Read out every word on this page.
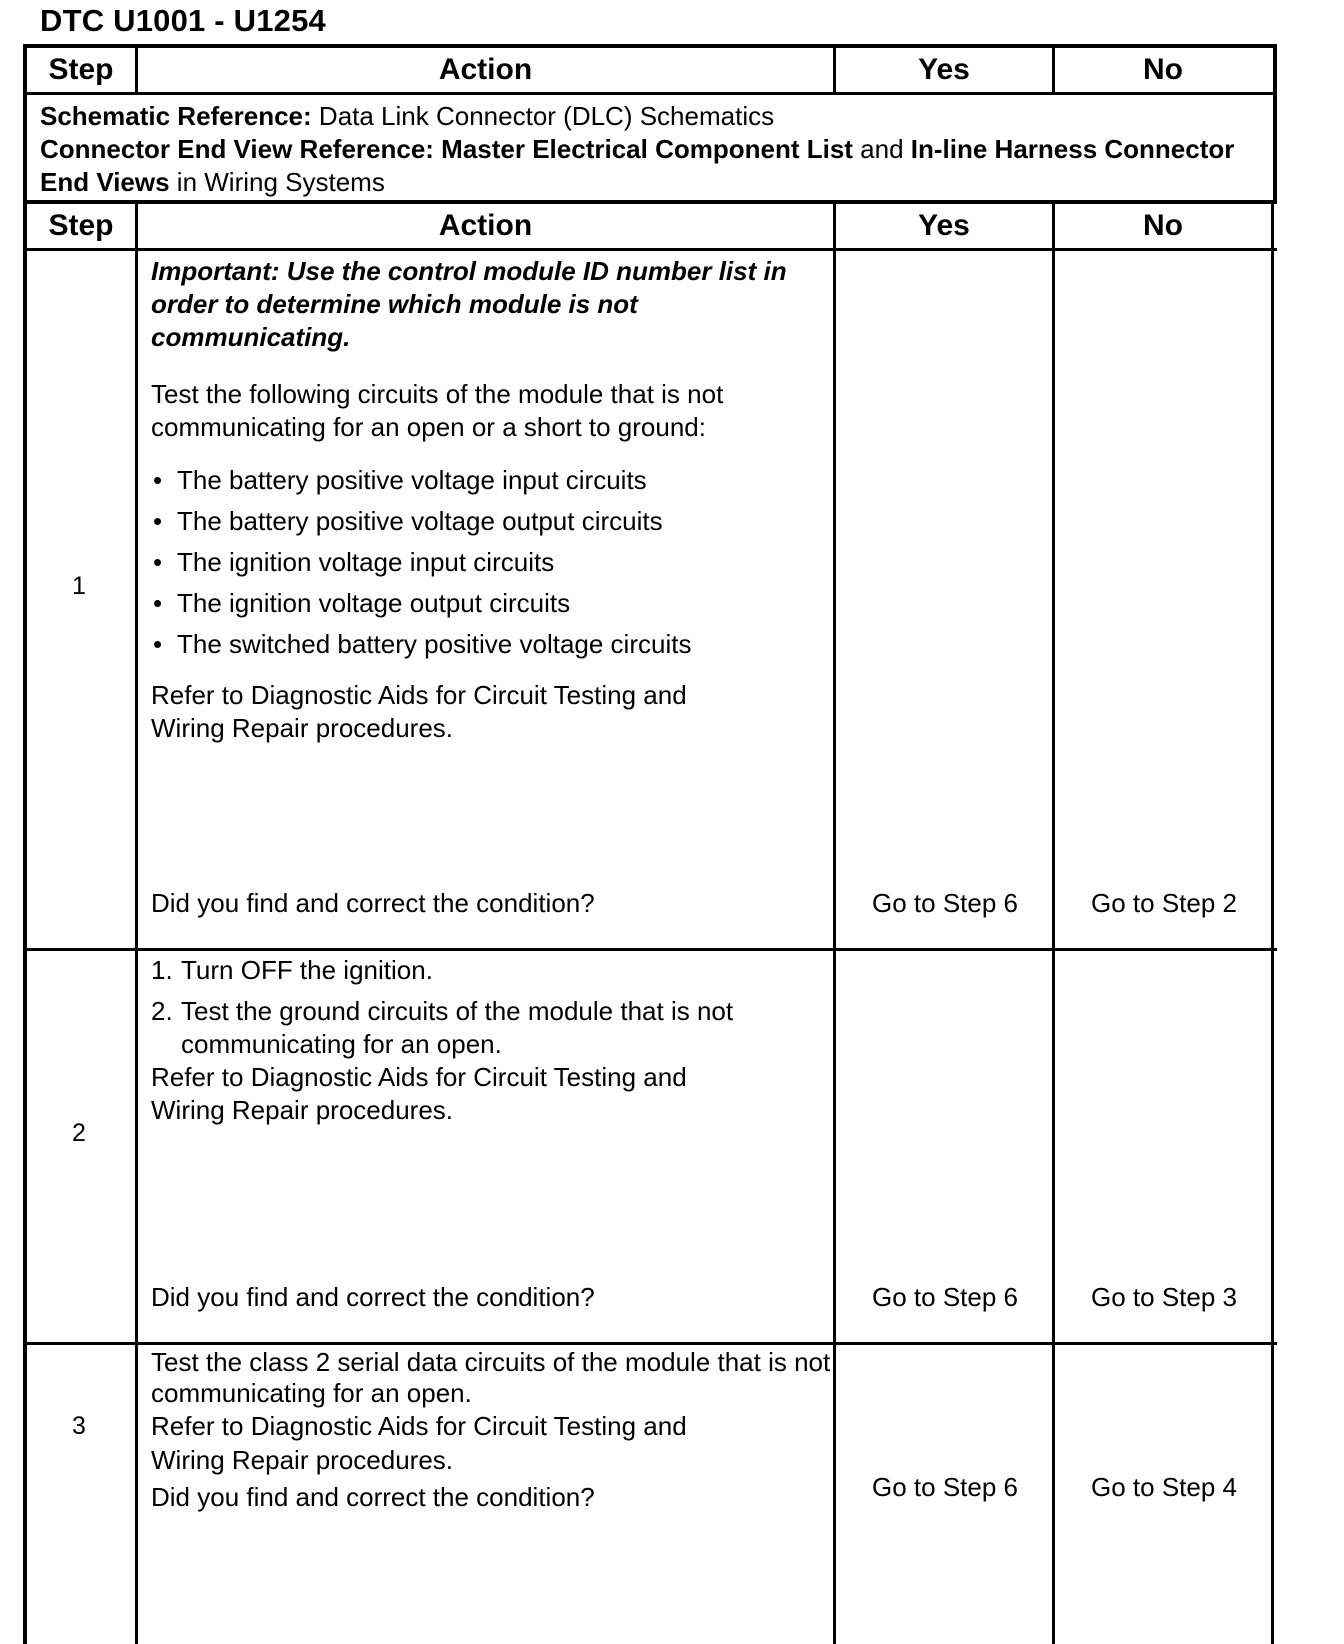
DTC U1001 - U1254
Step	Action	Yes	No
Schematic Reference: Data Link Connector (DLC) Schematics
Connector End View Reference: Master Electrical Component List and In-line Harness Connector End Views in Wiring Systems
Step	Action	Yes	No
1

Important: Use the control module ID number list in order to determine which module is not communicating.

Test the following circuits of the module that is not communicating for an open or a short to ground:

• The battery positive voltage input circuits
• The battery positive voltage output circuits
• The ignition voltage input circuits
• The ignition voltage output circuits
• The switched battery positive voltage circuits

Refer to Diagnostic Aids for Circuit Testing and Wiring Repair procedures.

Did you find and correct the condition?	Go to Step 6	Go to Step 2
2
1. Turn OFF the ignition.
2. Test the ground circuits of the module that is not communicating for an open.

Refer to Diagnostic Aids for Circuit Testing and Wiring Repair procedures.

Did you find and correct the condition?	Go to Step 6	Go to Step 3
3

Test the class 2 serial data circuits of the module that is not communicating for an open.

Refer to Diagnostic Aids for Circuit Testing and Wiring Repair procedures.

Did you find and correct the condition?	Go to Step 6	Go to Step 4
